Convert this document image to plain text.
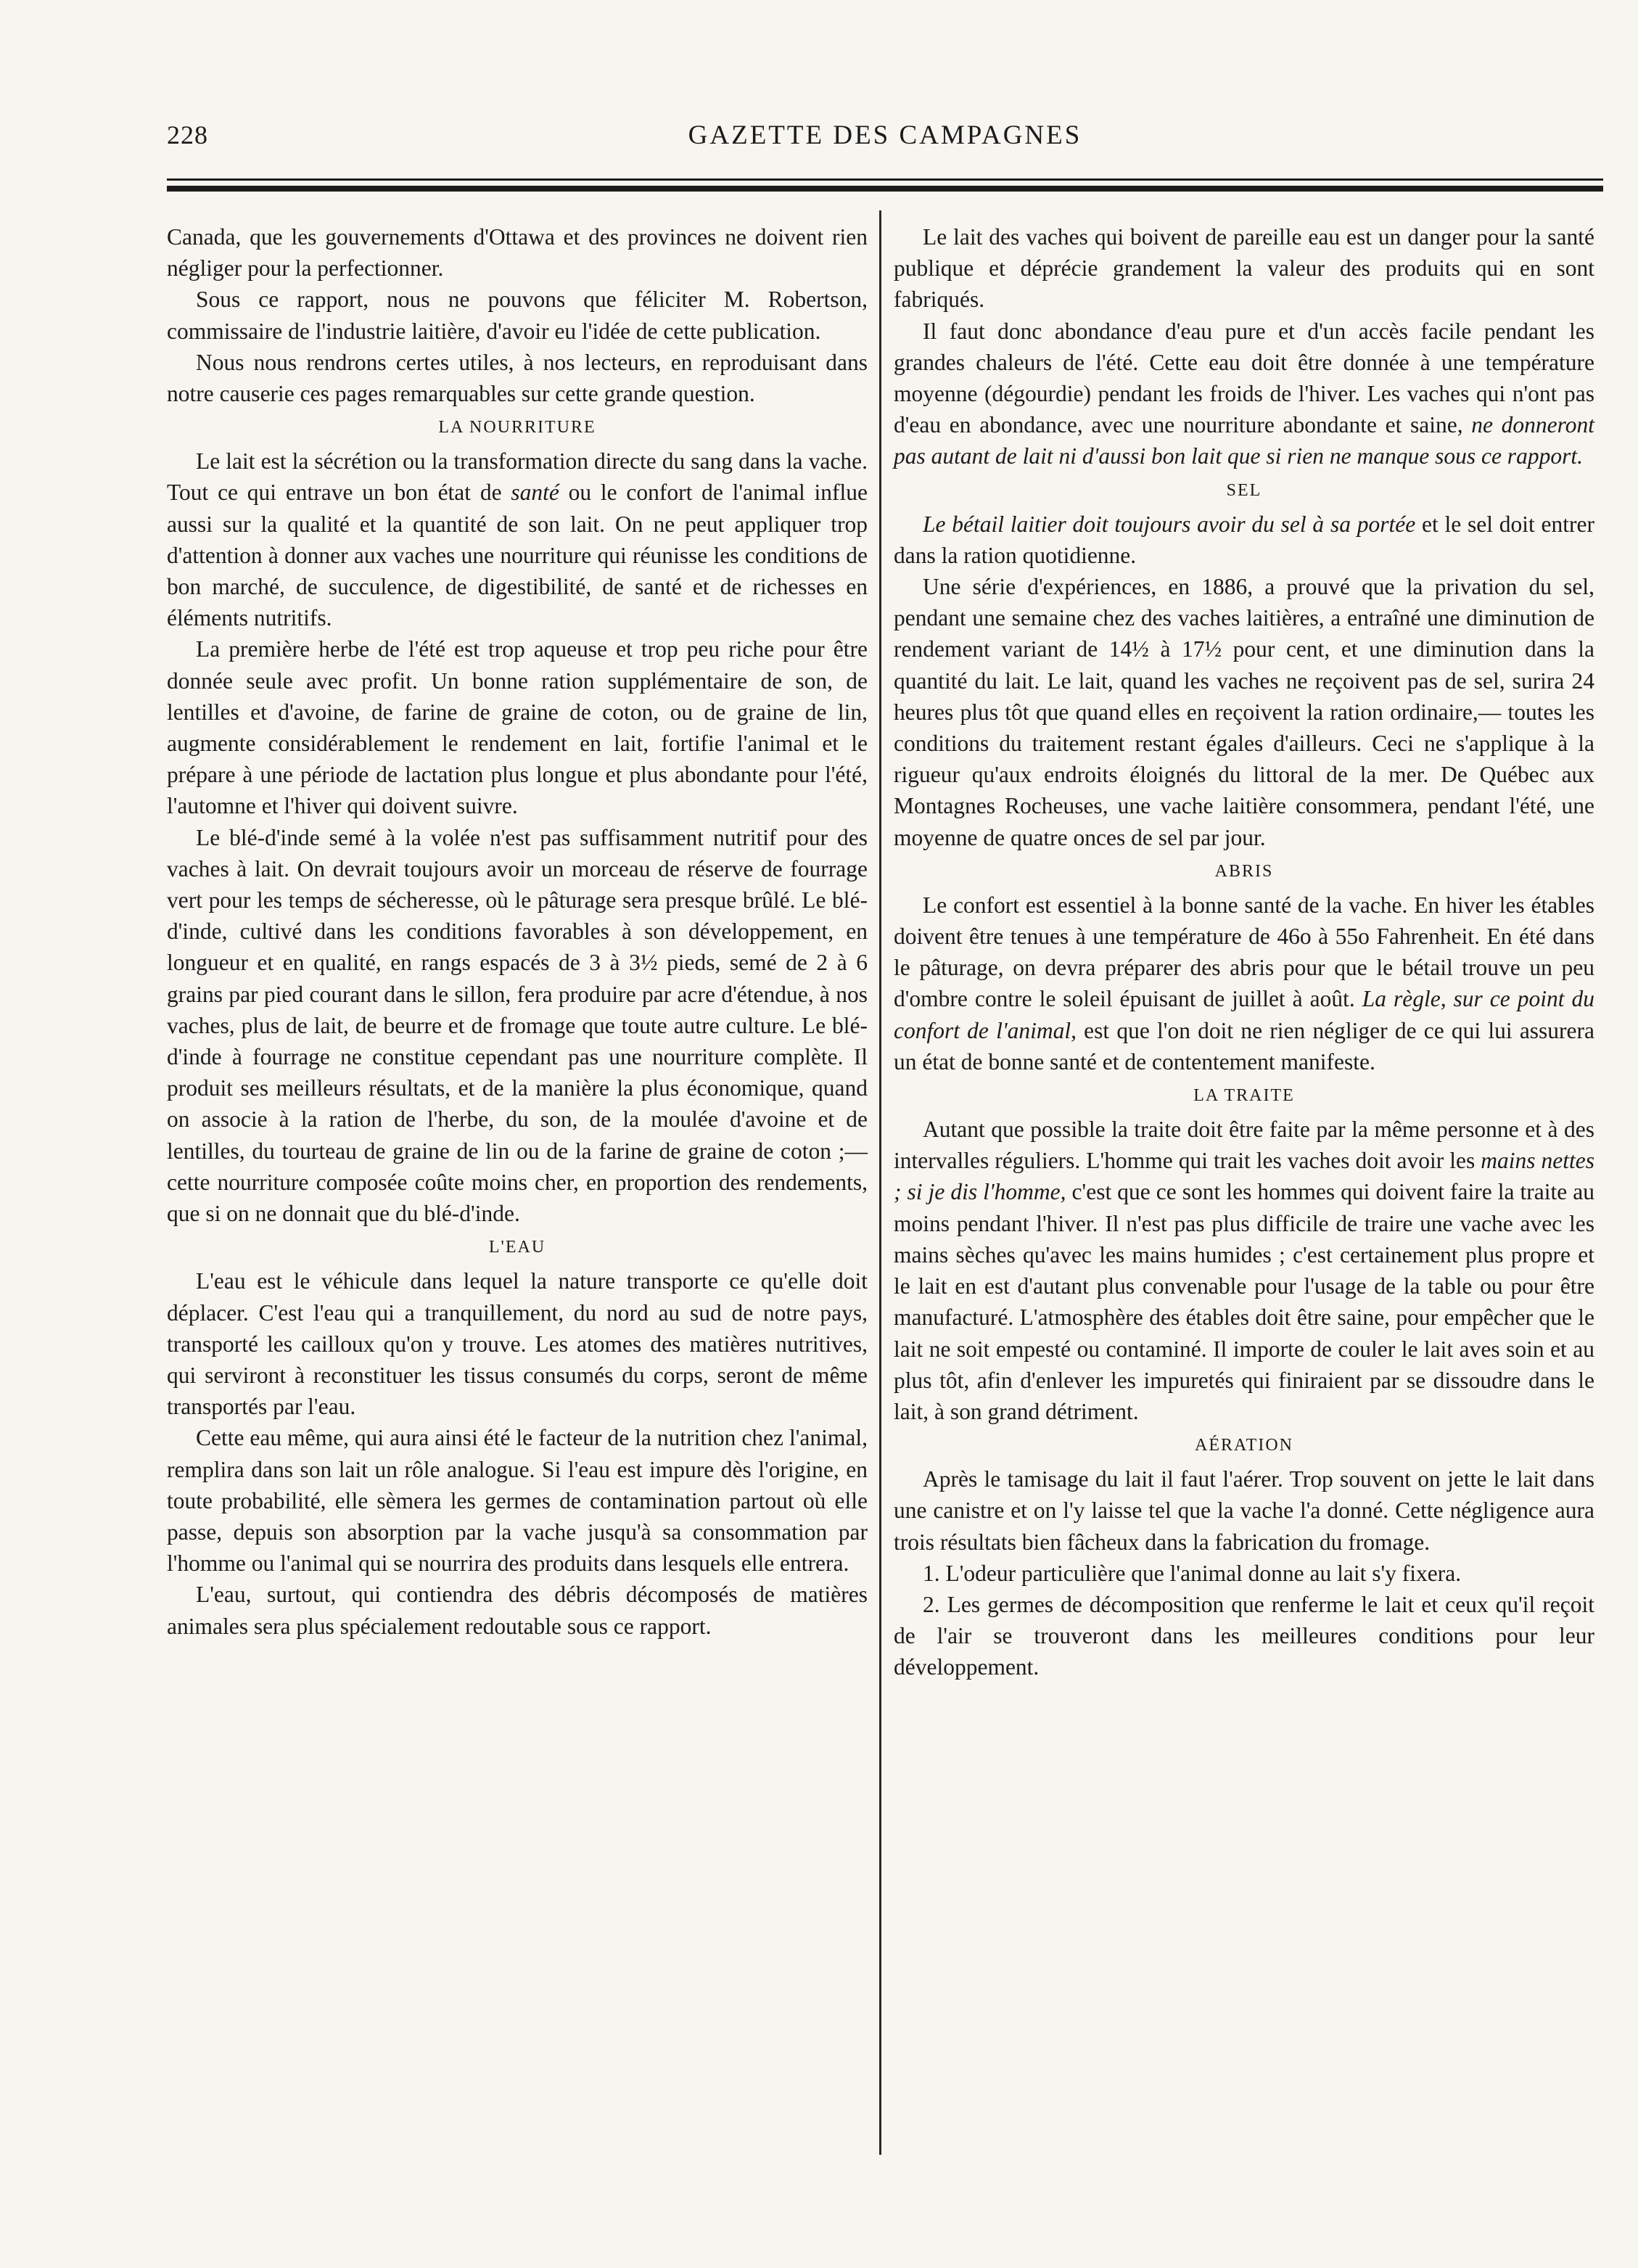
228	GAZETTE DES CAMPAGNES

Canada, que les gouvernements d'Ottawa et des provinces ne doivent rien négliger pour la perfectionner.

Sous ce rapport, nous ne pouvons que féliciter M. Robertson, commissaire de l'industrie laitière, d'avoir eu l'idée de cette publication.

Nous nous rendrons certes utiles, à nos lecteurs, en reproduisant dans notre causerie ces pages remarquables sur cette grande question.

LA NOURRITURE

Le lait est la sécrétion ou la transformation directe du sang dans la vache. Tout ce qui entrave un bon état de santé ou le confort de l'animal influe aussi sur la qualité et la quantité de son lait. On ne peut appliquer trop d'attention à donner aux vaches une nourriture qui réunisse les conditions de bon marché, de succulence, de digestibilité, de santé et de richesses en éléments nutritifs.

La première herbe de l'été est trop aqueuse et trop peu riche pour être donnée seule avec profit. Un bonne ration supplémentaire de son, de lentilles et d'avoine, de farine de graine de coton, ou de graine de lin, augmente considérablement le rendement en lait, fortifie l'animal et le prépare à une période de lactation plus longue et plus abondante pour l'été, l'automne et l'hiver qui doivent suivre.

Le blé-d'inde semé à la volée n'est pas suffisamment nutritif pour des vaches à lait. On devrait toujours avoir un morceau de réserve de fourrage vert pour les temps de sécheresse, où le pâturage sera presque brûlé. Le blé-d'inde, cultivé dans les conditions favorables à son développement, en longueur et en qualité, en rangs espacés de 3 à 3½ pieds, semé de 2 à 6 grains par pied courant dans le sillon, fera produire par acre d'étendue, à nos vaches, plus de lait, de beurre et de fromage que toute autre culture. Le blé-d'inde à fourrage ne constitue cependant pas une nourriture complète. Il produit ses meilleurs résultats, et de la manière la plus économique, quand on associe à la ration de l'herbe, du son, de la moulée d'avoine et de lentilles, du tourteau de graine de lin ou de la farine de graine de coton ;— cette nourriture composée coûte moins cher, en proportion des rendements, que si on ne donnait que du blé-d'inde.

L'EAU

L'eau est le véhicule dans lequel la nature transporte ce qu'elle doit déplacer. C'est l'eau qui a tranquillement, du nord au sud de notre pays, transporté les cailloux qu'on y trouve. Les atomes des matières nutritives, qui serviront à reconstituer les tissus consumés du corps, seront de même transportés par l'eau.

Cette eau même, qui aura ainsi été le facteur de la nutrition chez l'animal, remplira dans son lait un rôle analogue. Si l'eau est impure dès l'origine, en toute probabilité, elle sèmera les germes de contamination partout où elle passe, depuis son absorption par la vache jusqu'à sa consommation par l'homme ou l'animal qui se nourrira des produits dans lesquels elle entrera.

L'eau, surtout, qui contiendra des débris décomposés de matières animales sera plus spécialement redoutable sous ce rapport.

Le lait des vaches qui boivent de pareille eau est un danger pour la santé publique et déprécie grandement la valeur des produits qui en sont fabriqués.

Il faut donc abondance d'eau pure et d'un accès facile pendant les grandes chaleurs de l'été. Cette eau doit être donnée à une température moyenne (dégourdie) pendant les froids de l'hiver. Les vaches qui n'ont pas d'eau en abondance, avec une nourriture abondante et saine, ne donneront pas autant de lait ni d'aussi bon lait que si rien ne manque sous ce rapport.

SEL

Le bétail laitier doit toujours avoir du sel à sa portée et le sel doit entrer dans la ration quotidienne.

Une série d'expériences, en 1886, a prouvé que la privation du sel, pendant une semaine chez des vaches laitières, a entraîné une diminution de rendement variant de 14½ à 17½ pour cent, et une diminution dans la quantité du lait. Le lait, quand les vaches ne reçoivent pas de sel, surira 24 heures plus tôt que quand elles en reçoivent la ration ordinaire,— toutes les conditions du traitement restant égales d'ailleurs. Ceci ne s'applique à la rigueur qu'aux endroits éloignés du littoral de la mer. De Québec aux Montagnes Rocheuses, une vache laitière consommera, pendant l'été, une moyenne de quatre onces de sel par jour.

ABRIS

Le confort est essentiel à la bonne santé de la vache. En hiver les étables doivent être tenues à une température de 46o à 55o Fahrenheit. En été dans le pâturage, on devra préparer des abris pour que le bétail trouve un peu d'ombre contre le soleil épuisant de juillet à août. La règle, sur ce point du confort de l'animal, est que l'on doit ne rien négliger de ce qui lui assurera un état de bonne santé et de contentement manifeste.

LA TRAITE

Autant que possible la traite doit être faite par la même personne et à des intervalles réguliers. L'homme qui trait les vaches doit avoir les mains nettes ; si je dis l'homme, c'est que ce sont les hommes qui doivent faire la traite au moins pendant l'hiver. Il n'est pas plus difficile de traire une vache avec les mains sèches qu'avec les mains humides ; c'est certainement plus propre et le lait en est d'autant plus convenable pour l'usage de la table ou pour être manufacturé. L'atmosphère des étables doit être saine, pour empêcher que le lait ne soit empesté ou contaminé. Il importe de couler le lait aves soin et au plus tôt, afin d'enlever les impuretés qui finiraient par se dissoudre dans le lait, à son grand détriment.

AÉRATION

Après le tamisage du lait il faut l'aérer. Trop souvent on jette le lait dans une canistre et on l'y laisse tel que la vache l'a donné. Cette négligence aura trois résultats bien fâcheux dans la fabrication du fromage.

1. L'odeur particulière que l'animal donne au lait s'y fixera.

2. Les germes de décomposition que renferme le lait et ceux qu'il reçoit de l'air se trouveront dans les meilleures conditions pour leur développement.
